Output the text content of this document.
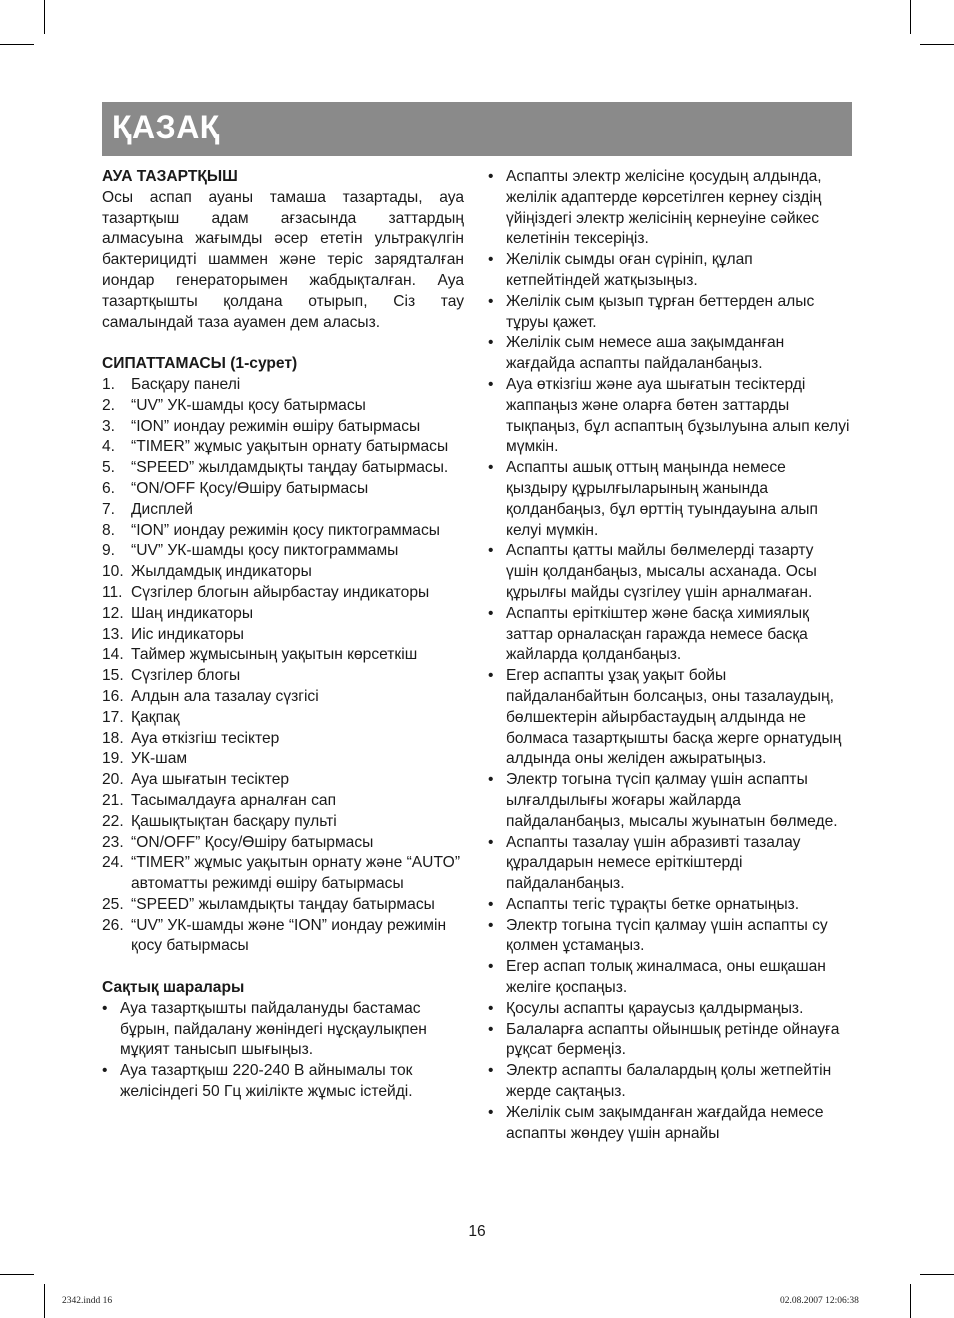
ҚАЗАҚ
АУА ТАЗАРТҚЫШ

Осы аспап ауаны тамаша тазартады, ауа тазартқыш адам ағзасында заттардың алмасуына жағымды әсер ететін ультракүлгін бактерицидті шаммен және теріс зарядталған иондар генераторымен жабдықталған. Ауа тазартқышты қолдана отырып, Сіз тау самалындай таза ауамен дем аласыз.

СИПАТТАМАСЫ (1-сурет)
1. Басқару панелі
2. “UV” УК-шамды қосу батырмасы
3. “ION” иондау режимін өшіру батырмасы
4. “TIMER” жұмыс уақытын орнату батырмасы
5. “SPEED” жылдамдықты таңдау батырмасы.
6. “ON/OFF Қосу/Өшіру батырмасы
7. Дисплей
8. “ION” иондау режимін қосу пиктограммасы
9. “UV” УК-шамды қосу пиктограммамы
10. Жылдамдық индикаторы
11. Сүзгілер блогын айырбастау индикаторы
12. Шаң индикаторы
13. Иіс индикаторы
14. Таймер жұмысының уақытын көрсеткіш
15. Сүзгілер блогы
16. Алдын ала тазалау сүзгісі
17. Қақпақ
18. Ауа өткізгіш тесіктер
19. УК-шам
20. Ауа шығатын тесіктер
21. Тасымалдауға арналған сап
22. Қашықтықтан басқару пульті
23. “ON/OFF” Қосу/Өшіру батырмасы
24. “TIMER” жұмыс уақытын орнату және “AUTO” автоматты режимді өшіру батырмасы
25. “SPEED” жыламдықты таңдау батырмасы
26. “UV” УК-шамды және “ION” иондау режимін қосу батырмасы
Сақтық шаралары
• Ауа тазартқышты пайдалануды бастамас бұрын, пайдалану жөніндегі нұсқаулықпен мұқият танысып шығыңыз.
• Ауа тазартқыш 220-240 В айнымалы ток желісіндегі 50 Гц жиілікте жұмыс істейді.
• Аспапты электр желісіне қосудың алдында, желілік адаптерде көрсетілген кернеу сіздің үйіңіздегі электр желісінің кернеуіне сәйкес келетінін тексеріңіз.
• Желілік сымды оған сүрініп, құлап кетпейтіндей жатқызыңыз.
• Желілік сым қызып тұрған беттерден алыс тұруы қажет.
• Желілік сым немесе аша зақымданған жағдайда аспапты пайдаланбаңыз.
• Ауа өткізгіш және ауа шығатын тесіктерді жаппаңыз және оларға бөтен заттарды тықпаңыз, бұл аспаптың бұзылуына алып келуі мүмкін.
• Аспапты ашық оттың маңында немесе қыздыру құрылғыларының жанында қолданбаңыз, бұл өрттің туындауына алып келуі мүмкін.
• Аспапты қатты майлы бөлмелерді тазарту үшін қолданбаңыз, мысалы асханада. Осы құрылғы майды сүзгілеу үшін арналмаған.
• Аспапты еріткіштер және басқа химиялық заттар орналасқан гаражда немесе басқа жайларда қолданбаңыз.
• Егер аспапты ұзақ уақыт бойы пайдаланбайтын болсаңыз, оны тазалаудың, бөлшектерін айырбастаудың алдында не болмаса тазартқышты басқа жерге орнатудың алдында оны желіден ажыратыңыз.
• Электр тогына түсіп қалмау үшін аспапты ылғалдылығы жоғары жайларда пайдаланбаңыз, мысалы жуынатын бөлмеде.
• Аспапты тазалау үшін абразивті тазалау құралдарын немесе еріткіштерді пайдаланбаңыз.
• Аспапты тегіс тұрақты бетке орнатыңыз.
• Электр тогына түсіп қалмау үшін аспапты су қолмен ұстамаңыз.
• Егер аспап толық жиналмаса, оны ешқашан желіге қоспаңыз.
• Қосулы аспапты қараусыз қалдырмаңыз.
• Балаларға аспапты ойыншық ретінде ойнауға рұқсат бермеңіз.
• Электр аспапты балалардың қолы жетпейтін жерде сақтаңыз.
• Желілік сым зақымданған жағдайда немесе аспапты жөндеу үшін арнайы
16
2342.indd 16	02.08.2007 12:06:38
